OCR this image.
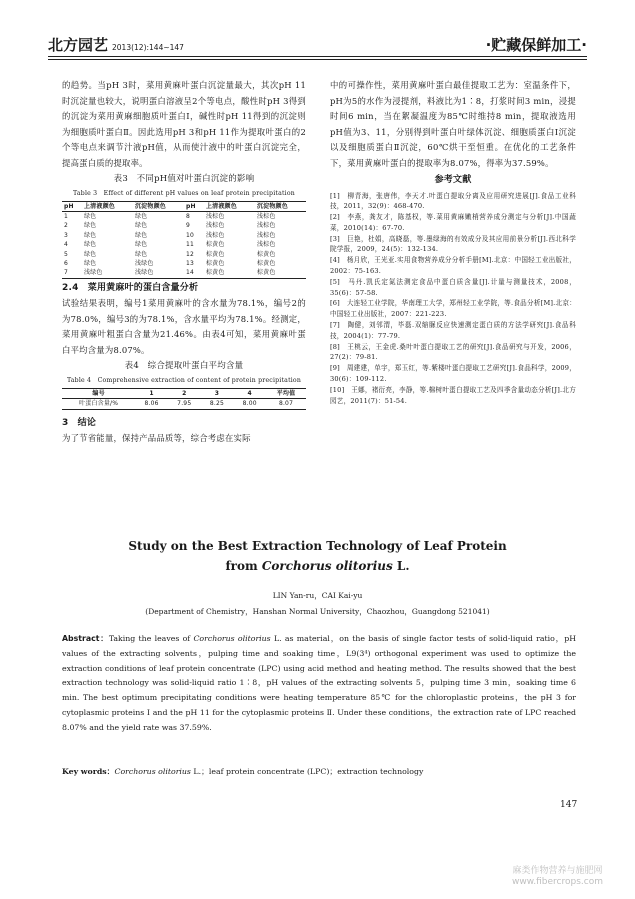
北方园艺 2013(12):144~147	·贮藏保鲜加工·

的趋势。当pH 3时，菜用黄麻叶蛋白沉淀量最大，其次pH 11时沉淀量也较大，说明蛋白溶液呈2个等电点，酸性时pH 3得到的沉淀为菜用黄麻细胞质叶蛋白Ⅰ，碱性时pH 11得到的沉淀则为细胞质叶蛋白Ⅱ。因此选用pH 3和pH 11作为提取叶蛋白的2个等电点来调节汁液pH值，从而使汁液中的叶蛋白沉淀完全，提高蛋白质的提取率。

表3　不同pH值对叶蛋白沉淀的影响
Table 3　Effect of different pH values on leaf protein precipitation
pH	上清液颜色	沉淀物颜色	pH	上清液颜色	沉淀物颜色
1	绿色	绿色	8	浅棕色	浅棕色
2	绿色	绿色	9	浅棕色	浅棕色
3	绿色	绿色	10	浅棕色	浅棕色
4	绿色	绿色	11	棕黄色	浅棕色
5	绿色	绿色	12	棕黄色	棕黄色
6	绿色	浅绿色	13	棕黄色	棕黄色
7	浅绿色	浅绿色	14	棕黄色	棕黄色
2.4　菜用黄麻叶的蛋白含量分析

试验结果表明，编号1菜用黄麻叶的含水量为78.1%，编号2的为78.0%，编号3的为78.1%，含水量平均为78.1%。经测定，菜用黄麻叶粗蛋白含量为21.46%。由表4可知，菜用黄麻叶蛋白平均含量为8.07%。

表4　综合提取叶蛋白平均含量
Table 4　Comprehensive extraction of content of protein precipitation
编号	1	2	3	4	平均值
叶蛋白含量/%	8.06	7.95	8.25	8.00	8.07
3　结论

为了节省能量，保持产品品质等，综合考虑在实际

中的可操作性，菜用黄麻叶蛋白最佳提取工艺为：室温条件下，pH为5的水作为浸提剂，料液比为1∶8，打浆时间3 min，浸提时间6 min，当在絮凝温度为85℃时维持8 min，提取液选用pH值为3、11，分别得到叶蛋白叶绿体沉淀、细胞质蛋白Ⅰ沉淀以及细胞质蛋白Ⅱ沉淀，60℃烘干至恒重。在优化的工艺条件下，菜用黄麻叶蛋白的提取率为8.07%，得率为37.59%。

参考文献

[1]　柳青海，张唐伟，李天才.叶蛋白提取分离及应用研究进展[J].食品工业科技，2011，32(9)：468-470.

[2]　李燕，龚友才，陈基权，等.菜用黄麻嫩梢营养成分测定与分析[J].中国蔬菜，2010(14)：67-70.

[3]　巨艳，杜娟，高晓磊，等.墨绿海的有效成分及其应用前景分析[J].西北科学院学报，2009，24(5)：132-134.

[4]　杨月欣，王光亚.实用食物营养成分分析手册[M].北京：中国轻工业出版社，2002：75-163.

[5]　马丹.凯氏定氮法测定食品中蛋白质含量[J].计量与测量技术，2008，35(6)：57-58.

[6]　大连轻工业学院，华南理工大学，郑州轻工业学院，等.食品分析[M].北京：中国轻工业出版社，2007：221-223.

[7]　陶健，刘邻渭，毕磊.双缩脲反应快速测定蛋白质的方法学研究[J].食品科技，2004(1)：77-79.

[8]　王桃云，王金虎.桑叶叶蛋白提取工艺的研究[J].食品研究与开发，2006，27(2)：79-81.

[9]　周建建，单宇，郑玉红，等.紫楼叶蛋白提取工艺研究[J].食品科学，2009，30(6)：109-112.

[10]　王娜，褚衍亮，李静，等.棉树叶蛋白提取工艺及四季含量动态分析[J].北方园艺，2011(7)：51-54.

Study on the Best Extraction Technology of Leaf Protein
from Corchorus olitorius L.
LIN Yan-ru，CAI Kai-yu
(Department of Chemistry，Hanshan Normal University，Chaozhou，Guangdong 521041)
Abstract：Taking the leaves of Corchorus olitorius L. as material，on the basis of single factor tests of solid-liquid ratio，pH values of the extracting solvents，pulping time and soaking time，L9(3⁴) orthogonal experiment was used to optimize the extraction conditions of leaf protein concentrate (LPC) using acid method and heating method. The results showed that the best extraction technology was solid-liquid ratio 1∶8，pH values of the extracting solvents 5，pulping time 3 min，soaking time 6 min. The best optimum precipitating conditions were heating temperature 85℃ for the chloroplastic proteins，the pH 3 for cytoplasmic proteins Ⅰ and the pH 11 for the cytoplasmic proteins Ⅱ. Under these conditions，the extraction rate of LPC reached 8.07% and the yield rate was 37.59%.
Key words：Corchorus olitorius L.；leaf protein concentrate (LPC)；extraction technology
147
麻类作物营养与施肥网
www.fibercrops.com
